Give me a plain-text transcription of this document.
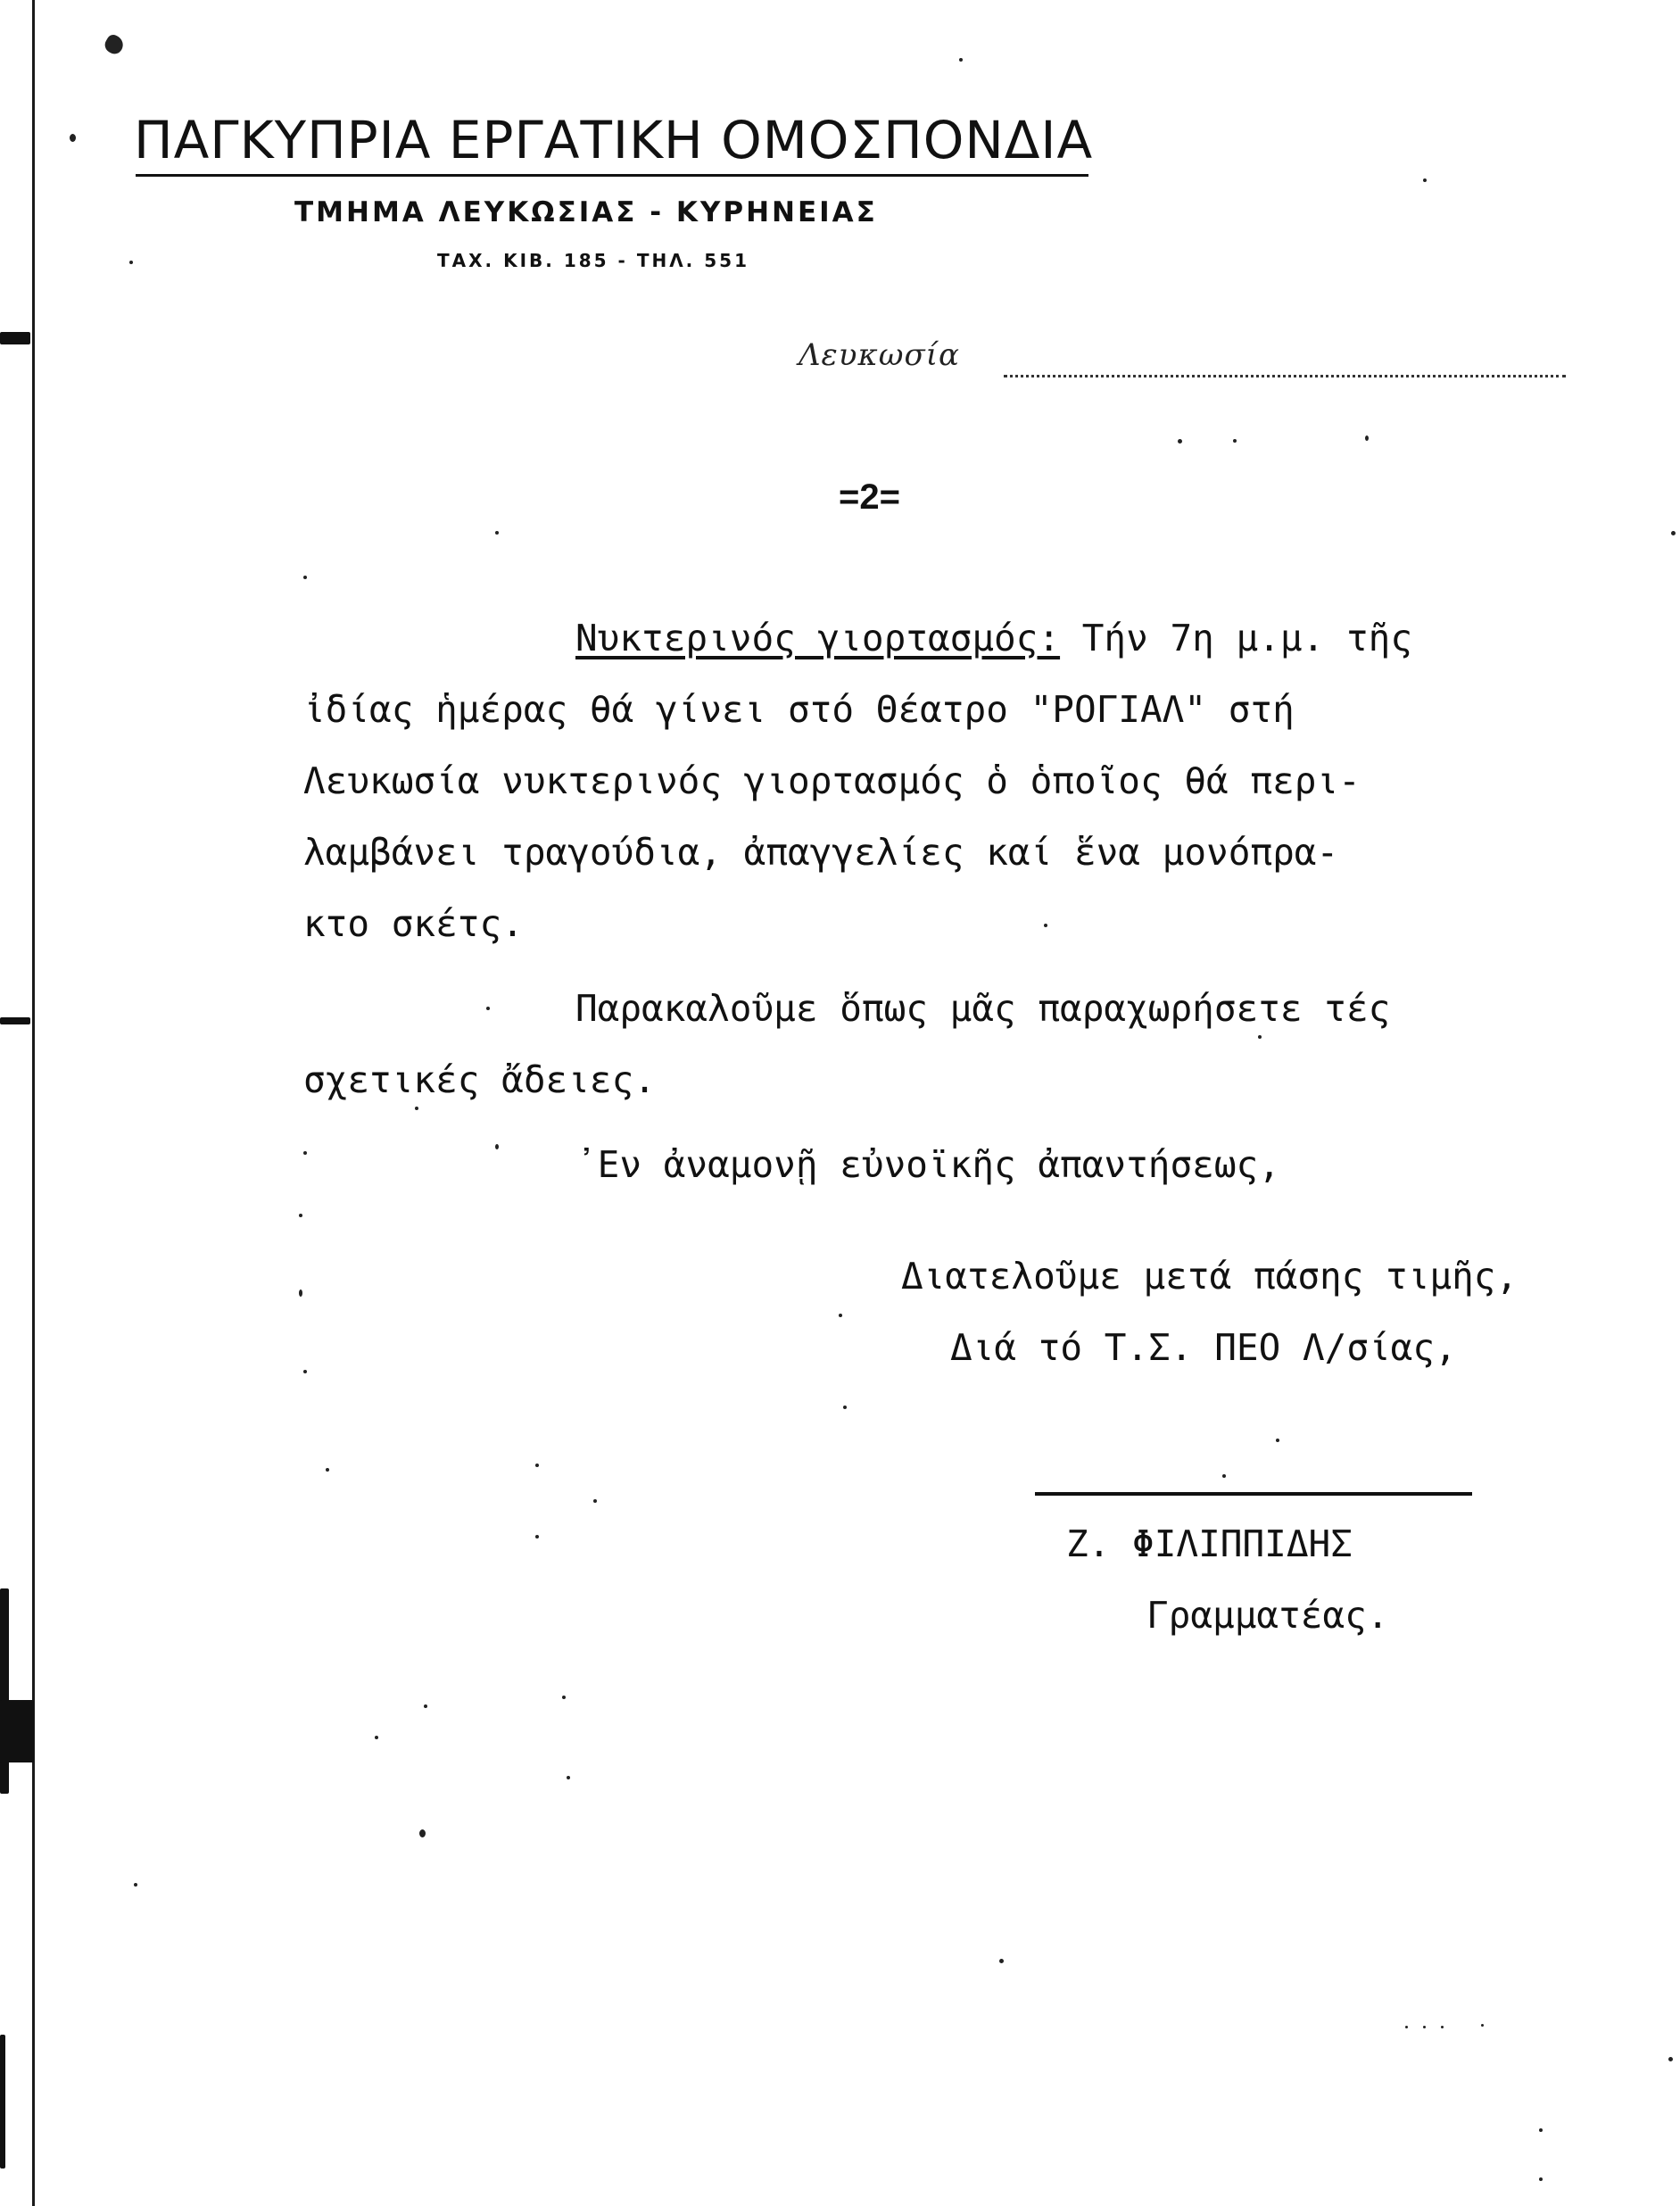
ΠΑΓΚΥΠΡΙΑ ΕΡΓΑΤΙΚΗ ΟΜΟΣΠΟΝΔΙΑ
ΤΜΗΜΑ ΛΕΥΚΩΣΙΑΣ - ΚΥΡΗΝΕΙΑΣ
ΤΑΧ. ΚΙΒ. 185 - ΤΗΛ. 551
Λευκωσία
=2=
Νυκτερινός γιορτασμός: Τήν 7η μ.μ. τῆς
ἰδίας ἡμέρας θά γίνει στό Θέατρο "ΡΟΓΙΑΛ" στή
Λευκωσία νυκτερινός γιορτασμός ὁ ὁποῖος θά περι-
λαμβάνει τραγούδια, ἀπαγγελίες καί ἕνα μονόπρα-
κτο σκέτς.
Παρακαλοῦμε ὅπως μᾶς παραχωρήσετε τές
σχετικές ἄδειες.
᾿Εν ἀναμονῇ εὐνοϊκῆς ἀπαντήσεως,
Διατελοῦμε μετά πάσης τιμῆς,
Διά τό Τ.Σ. ΠΕΟ Λ/σίας,
Ζ. ΦΙΛΙΠΠΙΔΗΣ
Γραμματέας.
